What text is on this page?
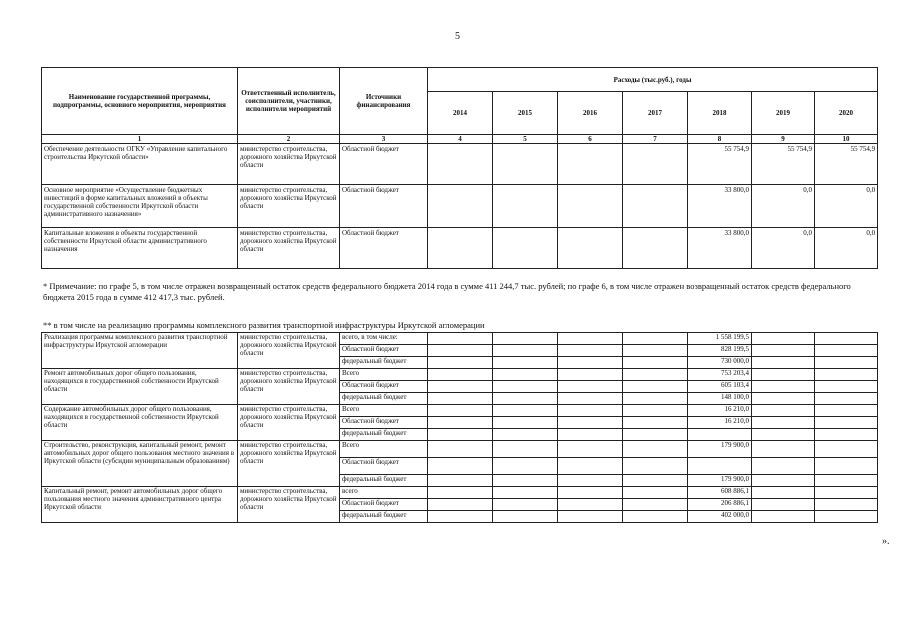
5
Наименование государственной программы, подпрограммы, основного мероприятия, мероприятия	Ответственный исполнитель, соисполнители, участники, исполнители мероприятий	Источники финансирования	Расходы (тыс.руб.), годы						
			2014	2015	2016	2017	2018	2019	2020
1	2	3	4	5	6	7	8	9	10
Обеспечение деятельности ОГКУ «Управление капитального строительства Иркутской области»	министерство строительства, дорожного хозяйства Иркутской области	Областной бюджет					55 754,9	55 754,9	55 754,9
Основное мероприятие «Осуществление бюджетных инвестиций в форме капитальных вложений в объекты государственной собственности Иркутской области административного назначения»	министерство строительства, дорожного хозяйства Иркутской области	Областной бюджет					33 800,0	0,0	0,0
Капитальные вложения в объекты государственной собственности Иркутской области административного назначения	министерство строительства, дорожного хозяйства Иркутской области	Областной бюджет					33 800,0	0,0	0,0
* Примечание: по графе 5, в том числе отражен возвращенный остаток средств федерального бюджета 2014 года в сумме 411 244,7 тыс. рублей; по графе 6, в том числе отражен возвращенный остаток средств федерального бюджета 2015 года в сумме 412 417,3 тыс. рублей.
** в том числе на реализацию программы комплексного развития транспортной инфраструктуры Иркутской агломерации
Реализация программы комплексного развития транспортной инфраструктуры Иркутской агломерации	министерство строительства, дорожного хозяйства Иркутской области	всего, в том числе:					1 558 199,5		
		Областной бюджет					828 199,5		
		федеральный бюджет					730 000,0		
Ремонт автомобильных дорог общего пользования, находящихся в государственной собственности Иркутской области	министерство строительства, дорожного хозяйства Иркутской области	Всего					753 203,4		
		Областной бюджет					605 103,4		
		федеральный бюджет					148 100,0		
Содержание автомобильных дорог общего пользования, находящихся в государственной собственности Иркутской области	министерство строительства, дорожного хозяйства Иркутской области	Всего					16 210,0		
		Областной бюджет					16 210,0		
		федеральный бюджет							
Строительство, реконструкция, капитальный ремонт, ремонт автомобильных дорог общего пользования местного значения в Иркутской области (субсидии муниципальным образованиям)	министерство строительства, дорожного хозяйства Иркутской области	Всего					179 900,0		
		Областной бюджет							
		федеральный бюджет					179 900,0		
Капитальный ремонт, ремонт автомобильных дорог общего пользования местного значения административного центра Иркутской области	министерство строительства, дорожного хозяйства Иркутской области	всего					608 886,1		
		Областной бюджет					206 886,1		
		федеральный бюджет					402 000,0		
».
